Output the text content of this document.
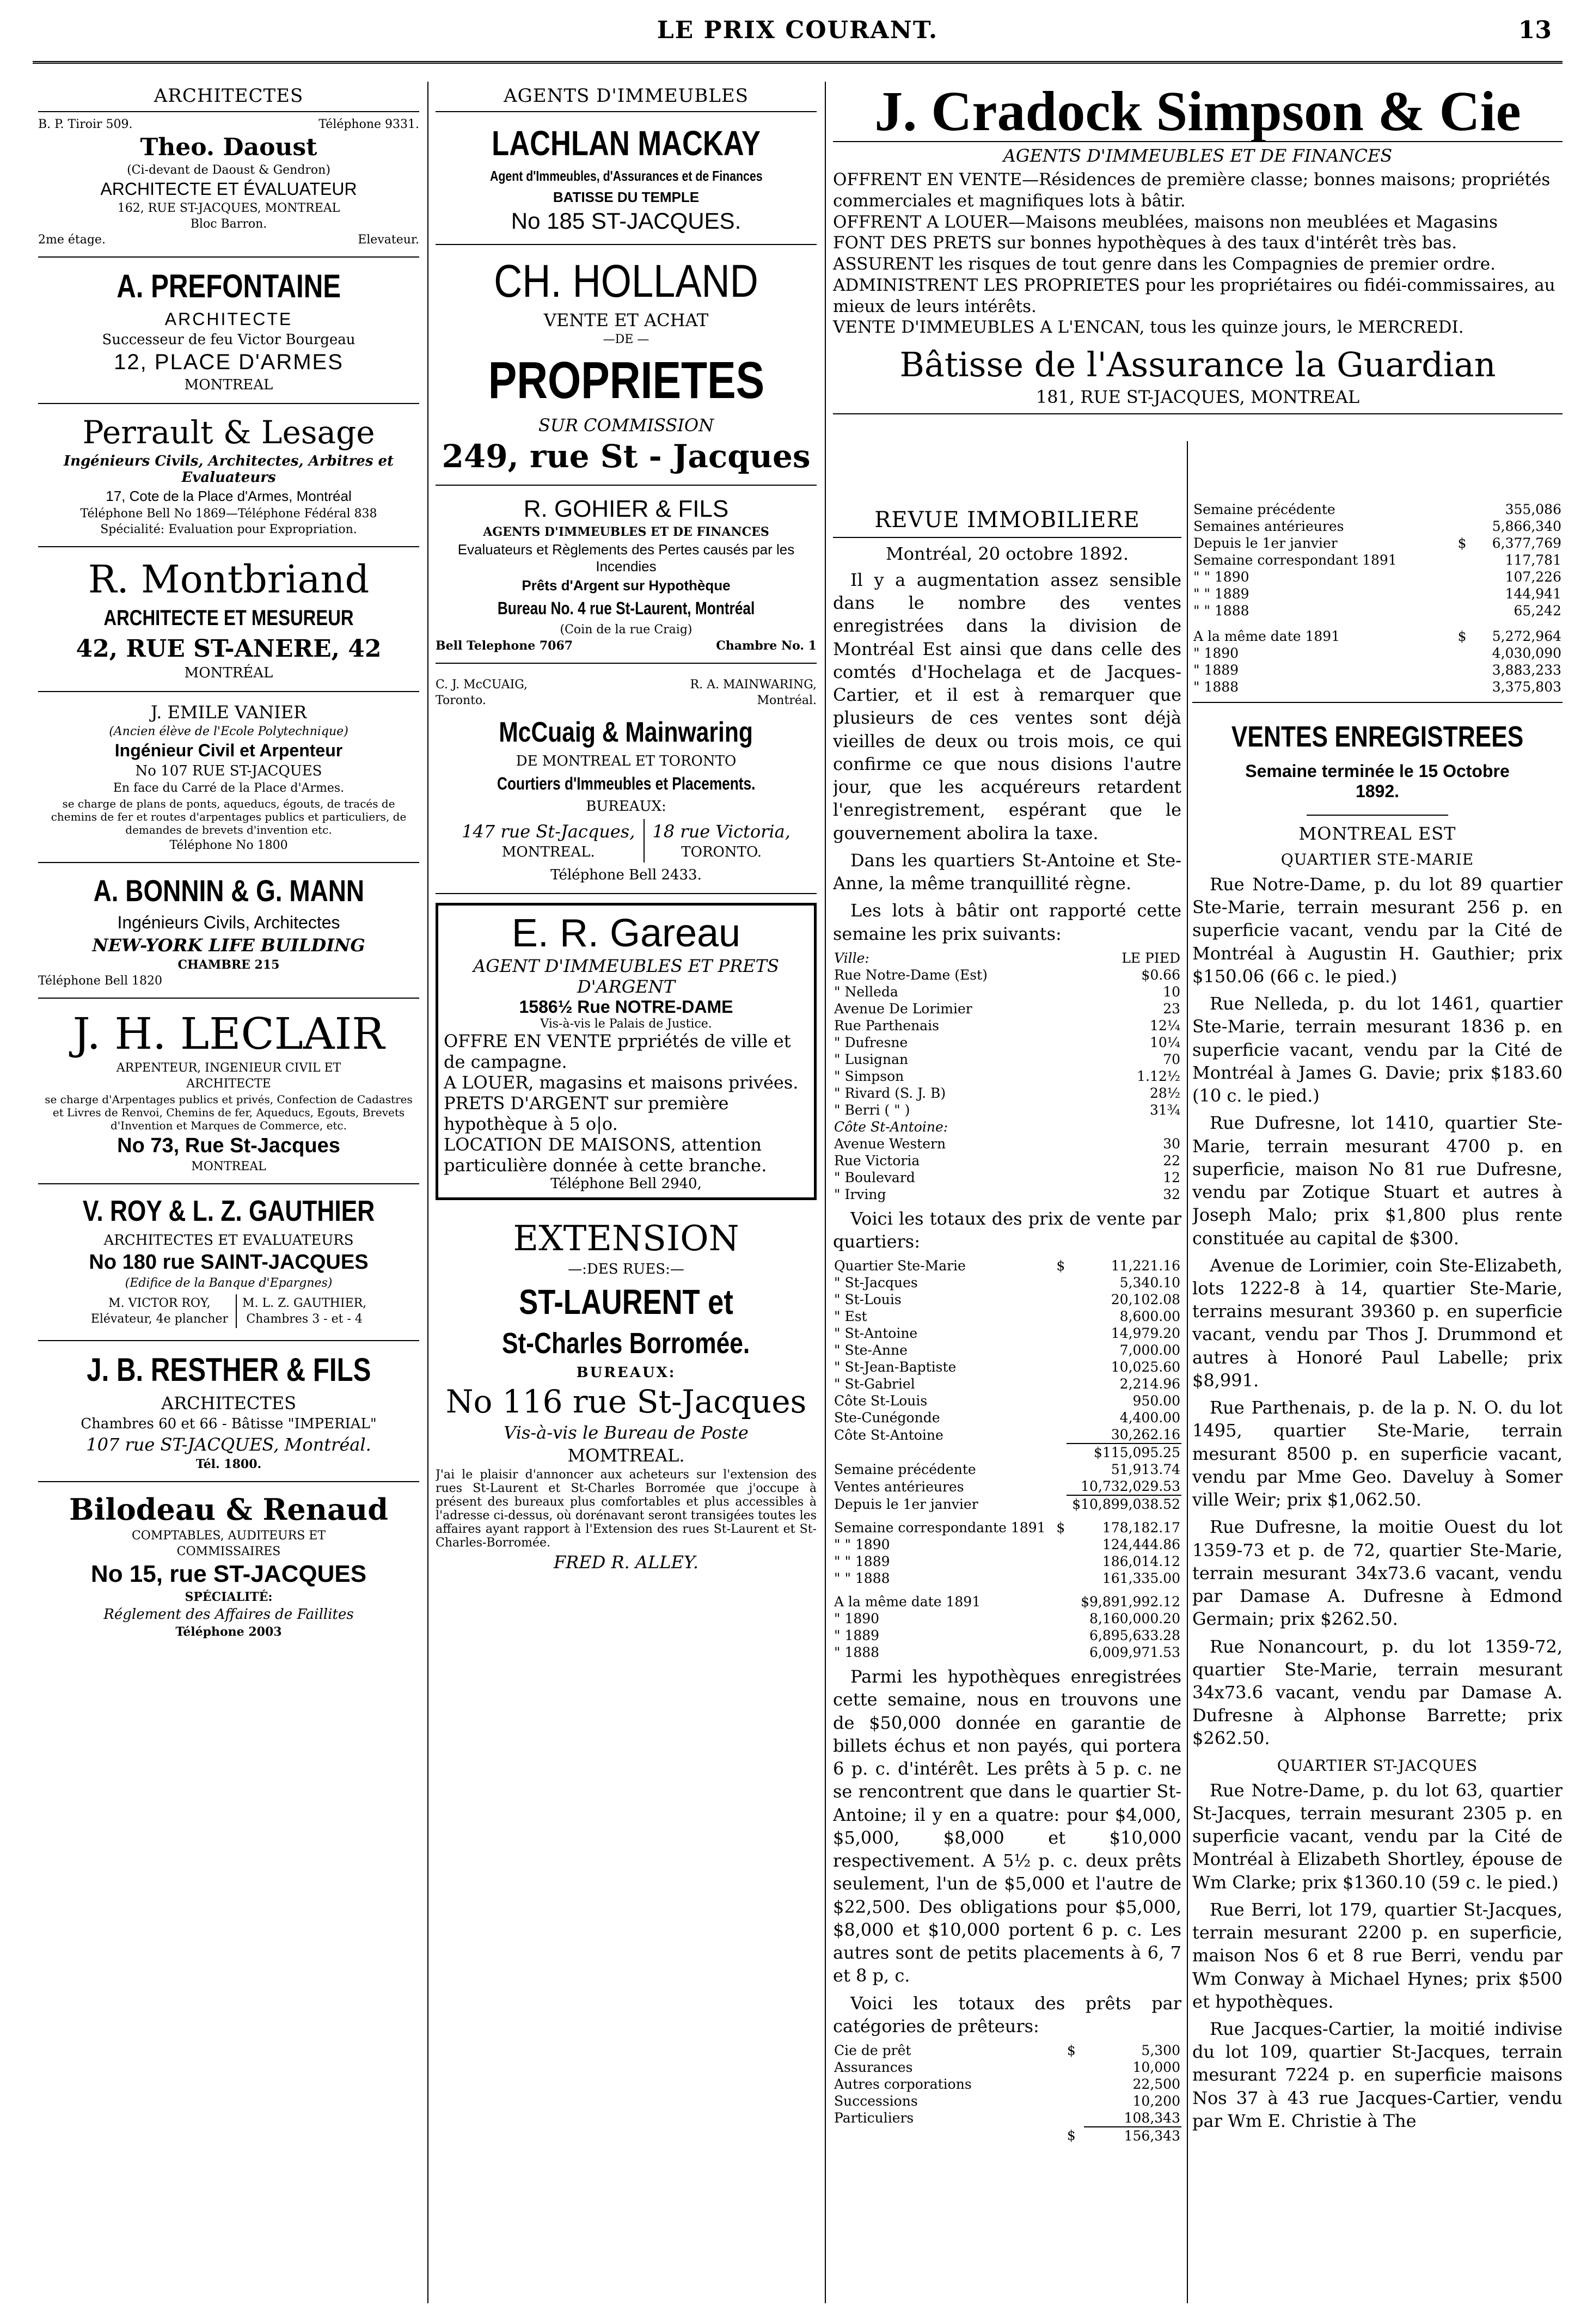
LE PRIX COURANT.	13
ARCHITECTES
B. P. Tiroir 509.	Téléphone 9331.
Theo. Daoust
(Ci-devant de Daoust & Gendron)
ARCHITECTE ET ÉVALUATEUR
162, RUE ST-JACQUES, MONTREAL
Bloc Barron.
2me étage.	Elevateur.
A. PREFONTAINE
ARCHITECTE
Successeur de feu Victor Bourgeau
12, PLACE D'ARMES
MONTREAL
Perrault & Lesage
Ingénieurs Civils, Architectes, Arbitres et Evaluateurs
17, Cote de la Place d'Armes, Montréal
Téléphone Bell No 1869—Téléphone Fédéral 838
Spécialité: Evaluation pour Expropriation.
R. Montbriand
ARCHITECTE ET MESUREUR
42, RUE ST-ANERE, 42
MONTRÉAL
J. EMILE VANIER
(Ancien élève de l'Ecole Polytechnique)
Ingénieur Civil et Arpenteur
No 107 RUE ST-JACQUES
En face du Carré de la Place d'Armes.
se charge de plans de ponts, aqueducs, égouts, de tracés de chemins de fer et routes d'arpentages publics et particuliers, de demandes de brevets d'invention etc.
Téléphone No 1800
A. BONNIN & G. MANN
Ingénieurs Civils, Architectes
NEW-YORK LIFE BUILDING
CHAMBRE 215
Téléphone Bell 1820
J. H. LECLAIR
ARPENTEUR, INGENIEUR CIVIL ET
ARCHITECTE
se charge d'Arpentages publics et privés, Confection de Cadastres et Livres de Renvoi, Chemins de fer, Aqueducs, Egouts, Brevets d'Invention et Marques de Commerce, etc.
No 73, Rue St-Jacques
MONTREAL
V. ROY & L. Z. GAUTHIER
ARCHITECTES ET EVALUATEURS
No 180 rue SAINT-JACQUES
(Edifice de la Banque d'Epargnes)
M. VICTOR ROY,
Elévateur, 4e plancher
M. L. Z. GAUTHIER,
Chambres 3 - et - 4
J. B. RESTHER & FILS
ARCHITECTES
Chambres 60 et 66 - Bâtisse "IMPERIAL"
107 rue ST-JACQUES, Montréal.
Tél. 1800.
Bilodeau & Renaud
COMPTABLES, AUDITEURS ET
COMMISSAIRES
No 15, rue ST-JACQUES
SPÉCIALITÉ:
Réglement des Affaires de Faillites
Téléphone 2003
AGENTS D'IMMEUBLES
LACHLAN MACKAY Agent d'Immeubles, d'Assurances et de Finances
BATISSE DU TEMPLE
No 185 ST-JACQUES.
CH. HOLLAND
VENTE ET ACHAT
—DE —
PROPRIETES
SUR COMMISSION
249, rue St - Jacques
R. GOHIER & FILS
AGENTS D'IMMEUBLES ET DE FINANCES
Evaluateurs et Règlements des Pertes causés par les Incendies
Prêts d'Argent sur Hypothèque
Bureau No. 4 rue St-Laurent, Montréal
(Coin de la rue Craig)
Bell Telephone 7067	Chambre No. 1
C. J. McCUAIG,
Toronto.
R. A. MAINWARING,
Montréal.
McCuaig & Mainwaring
DE MONTREAL ET TORONTO
Courtiers d'Immeubles et Placements.
BUREAUX:
147 rue St-Jacques,
MONTREAL.
18 rue Victoria,
TORONTO.
Téléphone Bell 2433.
E. R. Gareau
AGENT D'IMMEUBLES ET PRETS D'ARGENT
1586½ Rue NOTRE-DAME
Vis-à-vis le Palais de Justice.
OFFRE EN VENTE prpriétés de ville et de campagne.
A LOUER, magasins et maisons privées.
PRETS D'ARGENT sur première hypothèque à 5 o|o.
LOCATION DE MAISONS, attention particulière donnée à cette branche.
Téléphone Bell 2940,
EXTENSION
—:DES RUES:—
ST-LAURENT et St-Charles Borromée.
BUREAUX:
No 116 rue St-Jacques
Vis-à-vis le Bureau de Poste
MOMTREAL.
J'ai le plaisir d'annoncer aux acheteurs sur l'extension des rues St-Laurent et St-Charles Borromée que j'occupe à présent des bureaux plus comfortables et plus accessibles à l'adresse ci-dessus, où dorénavant seront transigées toutes les affaires ayant rapport à l'Extension des rues St-Laurent et St-Charles-Borromée.
FRED R. ALLEY.
J. Cradock Simpson & Cie
AGENTS D'IMMEUBLES ET DE FINANCES

OFFRENT EN VENTE—Résidences de première classe; bonnes maisons; propriétés commerciales et magnifiques lots à bâtir.

OFFRENT A LOUER—Maisons meublées, maisons non meublées et Magasins

FONT DES PRETS sur bonnes hypothèques à des taux d'intérêt très bas.

ASSURENT les risques de tout genre dans les Compagnies de premier ordre.

ADMINISTRENT LES PROPRIETES pour les propriétaires ou fidéi-commissaires, au mieux de leurs intérêts.

VENTE D'IMMEUBLES A L'ENCAN, tous les quinze jours, le MERCREDI.

Bâtisse de l'Assurance la Guardian
181, RUE ST-JACQUES, MONTREAL
REVUE IMMOBILIERE
Montréal, 20 octobre 1892.

Il y a augmentation assez sensible dans le nombre des ventes enregistrées dans la division de Montréal Est ainsi que dans celle des comtés d'Hochelaga et de Jacques-Cartier, et il est à remarquer que plusieurs de ces ventes sont déjà vieilles de deux ou trois mois, ce qui confirme ce que nous disions l'autre jour, que les acquéreurs retardent l'enregistrement, espérant que le gouvernement abolira la taxe.

Dans les quartiers St-Antoine et Ste-Anne, la même tranquillité règne.

Les lots à bâtir ont rapporté cette semaine les prix suivants:

Ville:	LE PIED
Rue Notre-Dame (Est)	$0.66
" Nelleda	10
Avenue De Lorimier	23
Rue Parthenais	12¼
" Dufresne	10¼
" Lusignan	70
" Simpson	1.12½
" Rivard (S. J. B)	28½
" Berri ( " )	31¾
Côte St-Antoine:	
Avenue Western	30
Rue Victoria	22
" Boulevard	12
" Irving	32

Voici les totaux des prix de vente par quartiers:

Quartier Ste-Marie	$	11,221.16
" St-Jacques		5,340.10
" St-Louis		20,102.08
" Est		8,600.00
" St-Antoine		14,979.20
" Ste-Anne		7,000.00
" St-Jean-Baptiste		10,025.60
" St-Gabriel		2,214.96
Côte St-Louis		950.00
Ste-Cunégonde		4,400.00
Côte St-Antoine		30,262.16
		$115,095.25
Semaine précédente		51,913.74
Ventes antérieures		10,732,029.53
Depuis le 1er janvier		$10,899,038.52

Semaine correspondante 1891	$	178,182.17
" " 1890		124,444.86
" " 1889		186,014.12
" " 1888		161,335.00

A la même date 1891		$9,891,992.12
" 1890		8,160,000.20
" 1889		6,895,633.28
" 1888		6,009,971.53

Parmi les hypothèques enregistrées cette semaine, nous en trouvons une de $50,000 donnée en garantie de billets échus et non payés, qui portera 6 p. c. d'intérêt. Les prêts à 5 p. c. ne se rencontrent que dans le quartier St-Antoine; il y en a quatre: pour $4,000, $5,000, $8,000 et $10,000 respectivement. A 5½ p. c. deux prêts seulement, l'un de $5,000 et l'autre de $22,500. Des obligations pour $5,000, $8,000 et $10,000 portent 6 p. c. Les autres sont de petits placements à 6, 7 et 8 p, c.

Voici les totaux des prêts par catégories de prêteurs:

Cie de prêt	$	5,300
Assurances		10,000
Autres corporations		22,500
Successions		10,200
Particuliers		108,343
	$	156,343
Semaine précédente		355,086
Semaines antérieures		5,866,340
Depuis le 1er janvier	$	6,377,769
Semaine correspondant 1891		117,781
" " 1890		107,226
" " 1889		144,941
" " 1888		65,242

A la même date 1891	$	5,272,964
" 1890		4,030,090
" 1889		3,883,233
" 1888		3,375,803
VENTES ENREGISTREES
Semaine terminée le 15 Octobre 1892.
MONTREAL EST
QUARTIER STE-MARIE

Rue Notre-Dame, p. du lot 89 quartier Ste-Marie, terrain mesurant 256 p. en superficie vacant, vendu par la Cité de Montréal à Augustin H. Gauthier; prix $150.06 (66 c. le pied.)

Rue Nelleda, p. du lot 1461, quartier Ste-Marie, terrain mesurant 1836 p. en superficie vacant, vendu par la Cité de Montréal à James G. Davie; prix $183.60 (10 c. le pied.)

Rue Dufresne, lot 1410, quartier Ste-Marie, terrain mesurant 4700 p. en superficie, maison No 81 rue Dufresne, vendu par Zotique Stuart et autres à Joseph Malo; prix $1,800 plus rente constituée au capital de $300.

Avenue de Lorimier, coin Ste-Elizabeth, lots 1222-8 à 14, quartier Ste-Marie, terrains mesurant 39360 p. en superficie vacant, vendu par Thos J. Drummond et autres à Honoré Paul Labelle; prix $8,991.

Rue Parthenais, p. de la p. N. O. du lot 1495, quartier Ste-Marie, terrain mesurant 8500 p. en superficie vacant, vendu par Mme Geo. Daveluy à Somer ville Weir; prix $1,062.50.

Rue Dufresne, la moitie Ouest du lot 1359-73 et p. de 72, quartier Ste-Marie, terrain mesurant 34x73.6 vacant, vendu par Damase A. Dufresne à Edmond Germain; prix $262.50.

Rue Nonancourt, p. du lot 1359-72, quartier Ste-Marie, terrain mesurant 34x73.6 vacant, vendu par Damase A. Dufresne à Alphonse Barrette; prix $262.50.

QUARTIER ST-JACQUES

Rue Notre-Dame, p. du lot 63, quartier St-Jacques, terrain mesurant 2305 p. en superficie vacant, vendu par la Cité de Montréal à Elizabeth Shortley, épouse de Wm Clarke; prix $1360.10 (59 c. le pied.)

Rue Berri, lot 179, quartier St-Jacques, terrain mesurant 2200 p. en superficie, maison Nos 6 et 8 rue Berri, vendu par Wm Conway à Michael Hynes; prix $500 et hypothèques.

Rue Jacques-Cartier, la moitié indivise du lot 109, quartier St-Jacques, terrain mesurant 7224 p. en superficie maisons Nos 37 à 43 rue Jacques-Cartier, vendu par Wm E. Christie à The
